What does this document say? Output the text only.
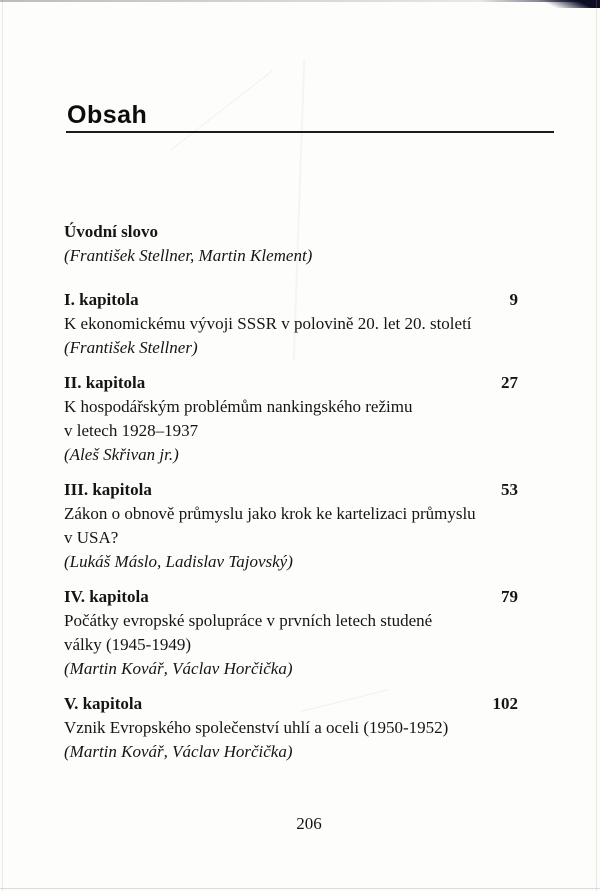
Obsah
Úvodní slovo
(František Stellner, Martin Klement)
I. kapitola	9
K ekonomickému vývoji SSSR v polovině 20. let 20. století
(František Stellner)
II. kapitola	27
K hospodářským problémům nankingského režimu
v letech 1928–1937
(Aleš Skřivan jr.)
III. kapitola	53
Zákon o obnově průmyslu jako krok ke kartelizaci průmyslu
v USA?
(Lukáš Máslo, Ladislav Tajovský)
IV. kapitola	79
Počátky evropské spolupráce v prvních letech studené
války (1945-1949)
(Martin Kovář, Václav Horčička)
V. kapitola	102
Vznik Evropského společenství uhlí a oceli (1950-1952)
(Martin Kovář, Václav Horčička)
206
